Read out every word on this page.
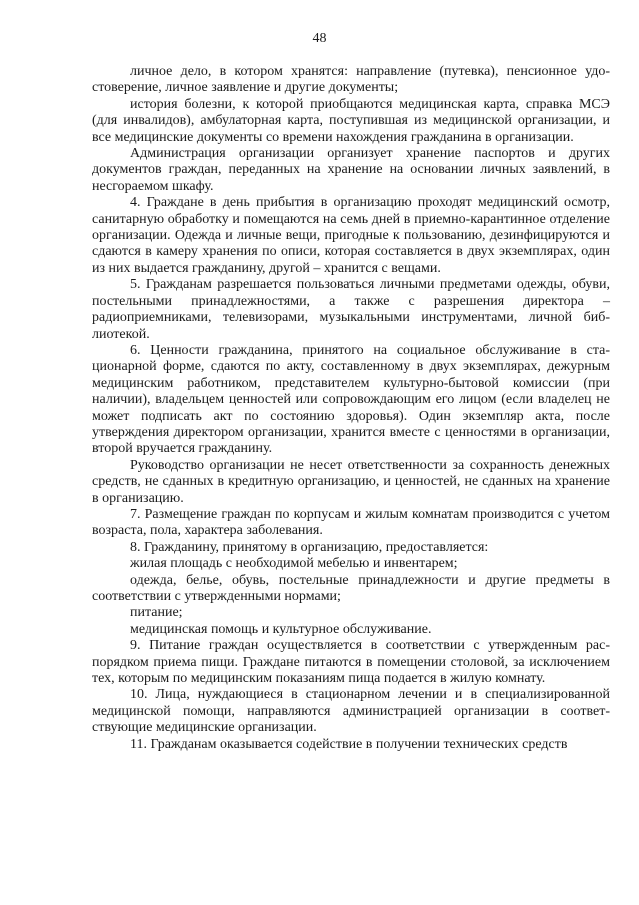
48

личное дело, в котором хранятся: направление (путевка), пенсионное удостоверение, личное заявление и другие документы;

история болезни, к которой приобщаются медицинская карта, справка МСЭ (для инвалидов), амбулаторная карта, поступившая из медицинской организации, и все медицинские документы со времени нахождения гражданина в организации.

Администрация организации организует хранение паспортов и других документов граждан, переданных на хранение на основании личных заявлений, в несгораемом шкафу.

4. Граждане в день прибытия в организацию проходят медицинский осмотр, санитарную обработку и помещаются на семь дней в приемно-карантинное отделение организации. Одежда и личные вещи, пригодные к пользованию, дезинфицируются и сдаются в камеру хранения по описи, которая составляется в двух экземплярах, один из них выдается гражданину, другой – хранится с вещами.

5. Гражданам разрешается пользоваться личными предметами одежды, обуви, постельными принадлежностями, а также с разрешения директора – радиоприемниками, телевизорами, музыкальными инструментами, личной библиотекой.

6. Ценности гражданина, принятого на социальное обслуживание в стационарной форме, сдаются по акту, составленному в двух экземплярах, дежурным медицинским работником, представителем культурно-бытовой комиссии (при наличии), владельцем ценностей или сопровождающим его лицом (если владелец не может подписать акт по состоянию здоровья). Один экземпляр акта, после утверждения директором организации, хранится вместе с ценностями в организации, второй вручается гражданину.

Руководство организации не несет ответственности за сохранность денежных средств, не сданных в кредитную организацию, и ценностей, не сданных на хранение в организацию.

7. Размещение граждан по корпусам и жилым комнатам производится с учетом возраста, пола, характера заболевания.

8. Гражданину, принятому в организацию, предоставляется:

жилая площадь с необходимой мебелью и инвентарем;

одежда, белье, обувь, постельные принадлежности и другие предметы в соответствии с утвержденными нормами;

питание;

медицинская помощь и культурное обслуживание.

9. Питание граждан осуществляется в соответствии с утвержденным распорядком приема пищи. Граждане питаются в помещении столовой, за исключением тех, которым по медицинским показаниям пища подается в жилую комнату.

10. Лица, нуждающиеся в стационарном лечении и в специализированной медицинской помощи, направляются администрацией организации в соответствующие медицинские организации.

11. Гражданам оказывается содействие в получении технических средств
